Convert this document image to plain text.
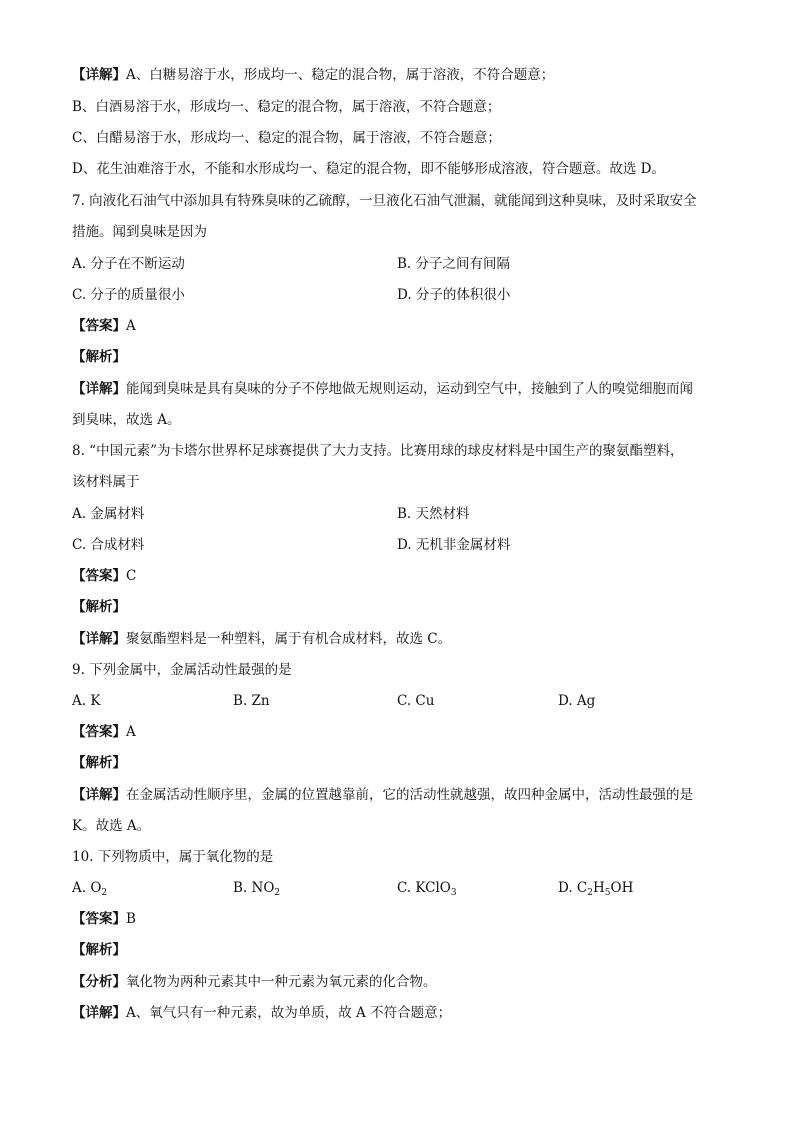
【详解】A、白糖易溶于水，形成均一、稳定的混合物，属于溶液，不符合题意；
B、白酒易溶于水，形成均一、稳定的混合物，属于溶液，不符合题意；
C、白醋易溶于水，形成均一、稳定的混合物，属于溶液，不符合题意；
D、花生油难溶于水，不能和水形成均一、稳定的混合物，即不能够形成溶液，符合题意。故选 D。
7. 向液化石油气中添加具有特殊臭味的乙硫醇，一旦液化石油气泄漏，就能闻到这种臭味，及时采取安全
措施。闻到臭味是因为
A. 分子在不断运动	B. 分子之间有间隔
C. 分子的质量很小	D. 分子的体积很小
【答案】A
【解析】
【详解】能闻到臭味是具有臭味的分子不停地做无规则运动，运动到空气中，接触到了人的嗅觉细胞而闻
到臭味，故选 A。
8. “中国元素”为卡塔尔世界杯足球赛提供了大力支持。比赛用球的球皮材料是中国生产的聚氨酯塑料，
该材料属于
A. 金属材料	B. 天然材料
C. 合成材料	D. 无机非金属材料
【答案】C
【解析】
【详解】聚氨酯塑料是一种塑料，属于有机合成材料，故选 C。
9. 下列金属中，金属活动性最强的是
A. K	B. Zn	C. Cu	D. Ag
【答案】A
【解析】
【详解】在金属活动性顺序里，金属的位置越靠前，它的活动性就越强，故四种金属中，活动性最强的是
K。故选 A。
10. 下列物质中，属于氧化物的是
A. $O_2$	B. $NO_2$	C. KClO$_3$	D. $C_2H_5OH$
【答案】B
【解析】
【分析】氧化物为两种元素其中一种元素为氧元素的化合物。
【详解】A、氧气只有一种元素，故为单质，故 A 不符合题意；
